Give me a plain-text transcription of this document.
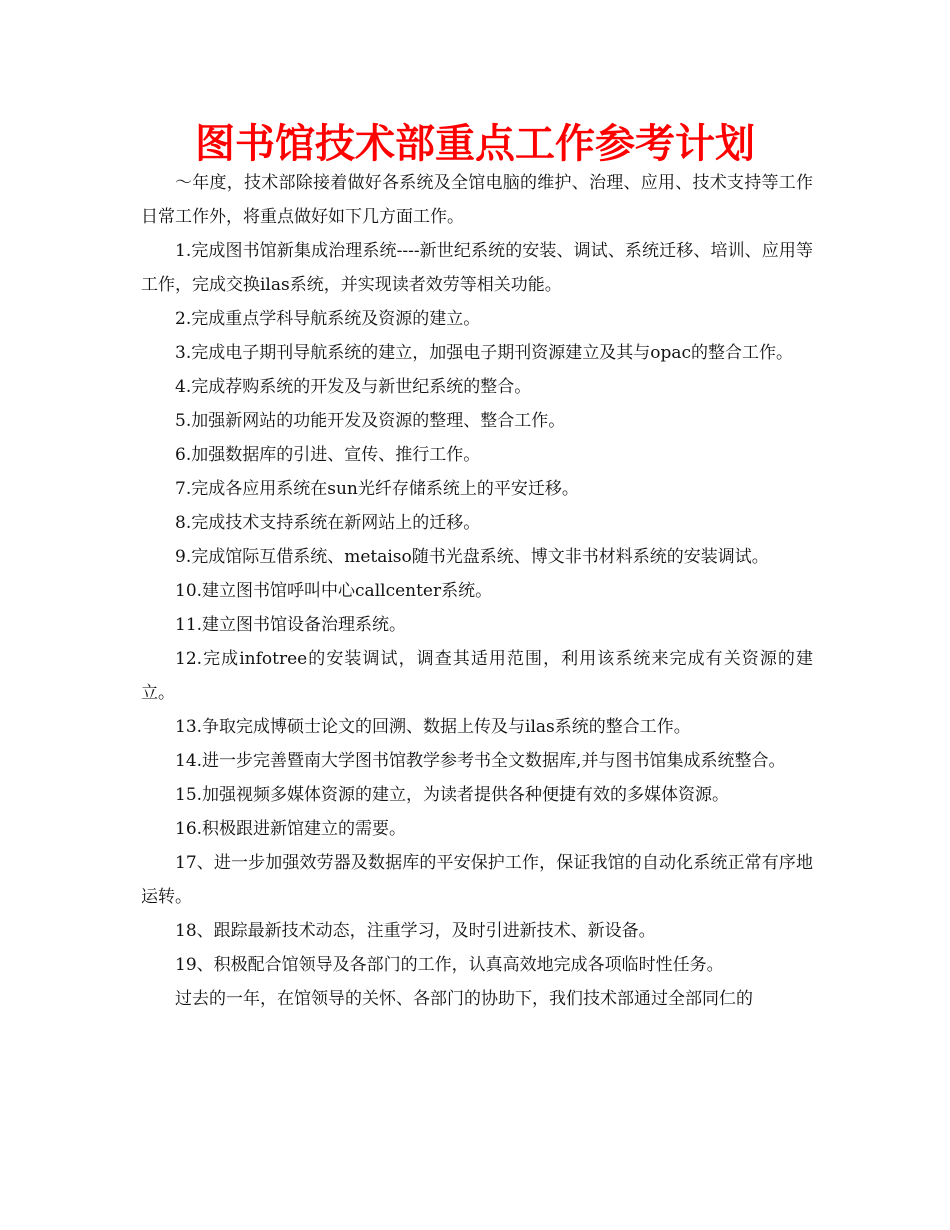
图书馆技术部重点工作参考计划

～年度，技术部除接着做好各系统及全馆电脑的维护、治理、应用、技术支持等工作日常工作外，将重点做好如下几方面工作。

1.完成图书馆新集成治理系统----新世纪系统的安装、调试、系统迁移、培训、应用等工作，完成交换ilas系统，并实现读者效劳等相关功能。

2.完成重点学科导航系统及资源的建立。

3.完成电子期刊导航系统的建立，加强电子期刊资源建立及其与opac的整合工作。

4.完成荐购系统的开发及与新世纪系统的整合。

5.加强新网站的功能开发及资源的整理、整合工作。

6.加强数据库的引进、宣传、推行工作。

7.完成各应用系统在sun光纤存储系统上的平安迁移。

8.完成技术支持系统在新网站上的迁移。

9.完成馆际互借系统、metaiso随书光盘系统、博文非书材料系统的安装调试。

10.建立图书馆呼叫中心callcenter系统。

11.建立图书馆设备治理系统。

12.完成infotree的安装调试，调查其适用范围，利用该系统来完成有关资源的建立。

13.争取完成博硕士论文的回溯、数据上传及与ilas系统的整合工作。

14.进一步完善暨南大学图书馆教学参考书全文数据库,并与图书馆集成系统整合。

15.加强视频多媒体资源的建立，为读者提供各种便捷有效的多媒体资源。

16.积极跟进新馆建立的需要。

17、进一步加强效劳器及数据库的平安保护工作，保证我馆的自动化系统正常有序地运转。

18、跟踪最新技术动态，注重学习，及时引进新技术、新设备。

19、积极配合馆领导及各部门的工作，认真高效地完成各项临时性任务。

过去的一年，在馆领导的关怀、各部门的协助下，我们技术部通过全部同仁的
